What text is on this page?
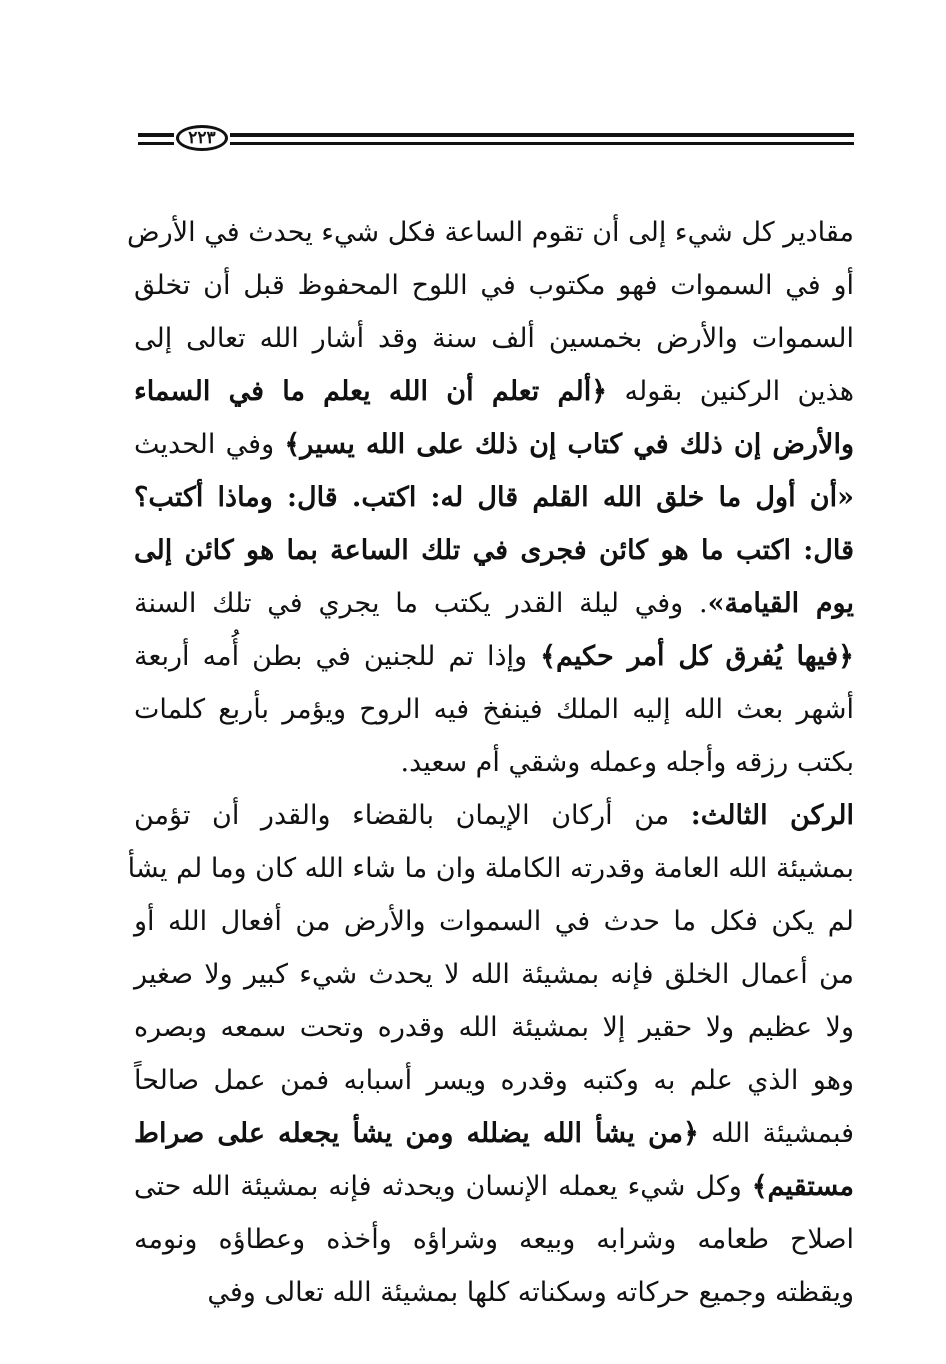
٢٢٣
مقادير كل شيء إلى أن تقوم الساعة فكل شيء يحدث في الأرض
أو في السموات فهو مكتوب في اللوح المحفوظ قبل أن تخلق
السموات والأرض بخمسين ألف سنة وقد أشار الله تعالى إلى
هذين الركنين بقوله ﴿ألم تعلم أن الله يعلم ما في السماء
والأرض إن ذلك في كتاب إن ذلك على الله يسير﴾ وفي الحديث
«أن أول ما خلق الله القلم قال له: اكتب. قال: وماذا أكتب؟
قال: اكتب ما هو كائن فجرى في تلك الساعة بما هو كائن إلى
يوم القيامة». وفي ليلة القدر يكتب ما يجري في تلك السنة
﴿فيها يُفرق كل أمر حكيم﴾ وإذا تم للجنين في بطن أُمه أربعة
أشهر بعث الله إليه الملك فينفخ فيه الروح ويؤمر بأربع كلمات
بكتب رزقه وأجله وعمله وشقي أم سعيد.
الركن الثالث: من أركان الإيمان بالقضاء والقدر أن تؤمن
بمشيئة الله العامة وقدرته الكاملة وان ما شاء الله كان وما لم يشأ
لم يكن فكل ما حدث في السموات والأرض من أفعال الله أو
من أعمال الخلق فإنه بمشيئة الله لا يحدث شيء كبير ولا صغير
ولا عظيم ولا حقير إلا بمشيئة الله وقدره وتحت سمعه وبصره
وهو الذي علم به وكتبه وقدره ويسر أسبابه فمن عمل صالحاً
فبمشيئة الله ﴿من يشأ الله يضلله ومن يشأ يجعله على صراط
مستقيم﴾ وكل شيء يعمله الإنسان ويحدثه فإنه بمشيئة الله حتى
اصلاح طعامه وشرابه وبيعه وشراؤه وأخذه وعطاؤه ونومه
ويقظته وجميع حركاته وسكناته كلها بمشيئة الله تعالى وفي
